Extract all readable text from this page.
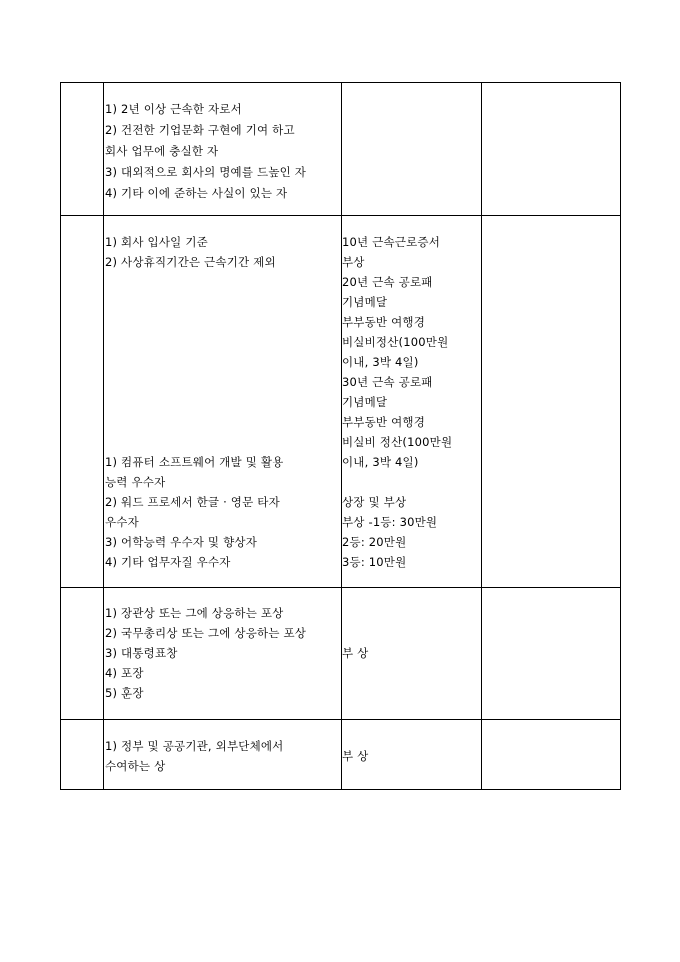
1) 2년 이상 근속한 자로서
2) 건전한 기업문화 구현에 기여 하고
회사 업무에 충실한 자
3) 대외적으로 회사의 명예를 드높인 자
4) 기타 이에 준하는 사실이 있는 자
1) 회사 입사일 기준
2) 사상휴직기간은 근속기간 제외
10년 근속근로증서
부상
20년 근속 공로패
기념메달
부부동반 여행경
비실비정산(100만원
이내, 3박 4일)
30년 근속 공로패
기념메달
부부동반 여행경
비실비 정산(100만원
이내, 3박 4일)
1) 컴퓨터 소프트웨어 개발 및 활용
능력 우수자
2) 워드 프로세서 한글 · 영문 타자
우수자
3) 어학능력 우수자 및 향상자
4) 기타 업무자질 우수자
상장 및 부상
부상 -1등: 30만원
2등: 20만원
3등: 10만원
1) 장관상 또는 그에 상응하는 포상
2) 국무총리상 또는 그에 상응하는 포상
3) 대통령표창
4) 포장
5) 훈장
부 상
1) 정부 및 공공기관, 외부단체에서
수여하는 상
부 상
